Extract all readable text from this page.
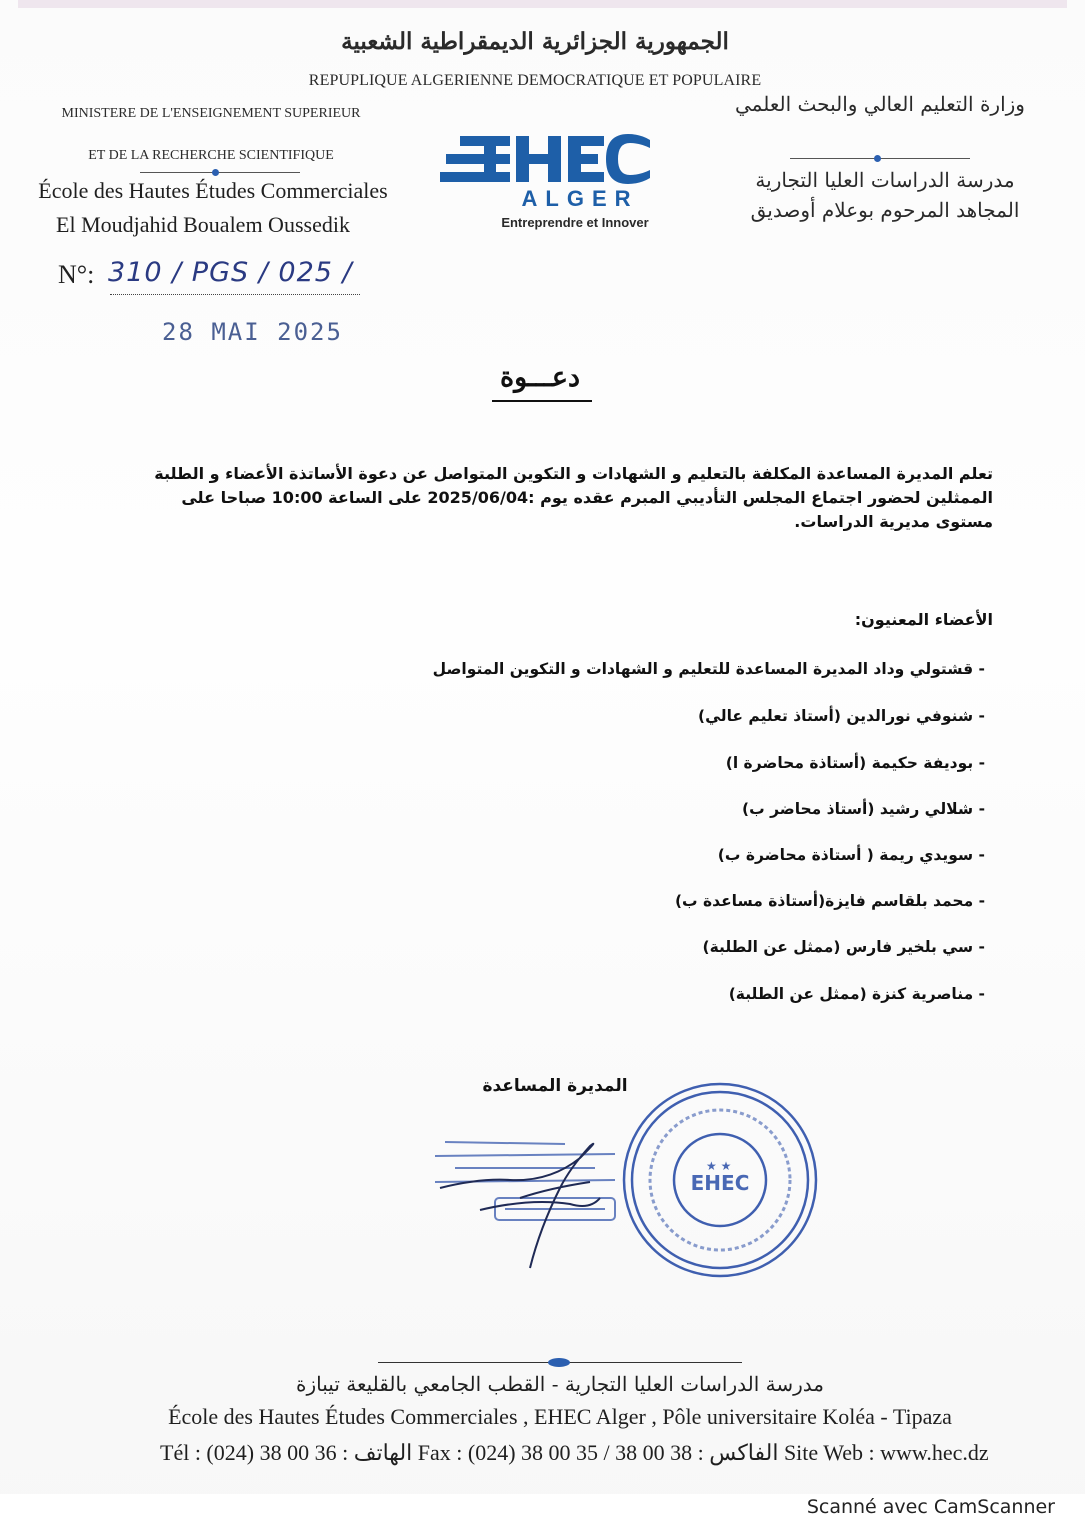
الجمهورية الجزائرية الديمقراطية الشعبية
REPUPLIQUE ALGERIENNE DEMOCRATIQUE ET POPULAIRE
MINISTERE DE L'ENSEIGNEMENT SUPERIEUR
ET DE LA RECHERCHE SCIENTIFIQUE
École des Hautes Études Commerciales
El Moudjahid Boualem Oussedik
وزارة التعليم العالي والبحث العلمي
مدرسة الدراسات العليا التجارية
المجاهد المرحوم بوعلام أوصديق
ALGER
Entreprendre et Innover
N°: 310 / PGS / 025 /
28 MAI 2025
دعـــوة
تعلم المديرة المساعدة المكلفة بالتعليم و الشهادات و التكوين المتواصل عن دعوة الأساتذة الأعضاء و الطلبة الممثلين لحضور اجتماع المجلس التأديبي المبرم عقده يوم :2025/06/04 على الساعة 10:00 صباحا على مستوى مديرية الدراسات.
الأعضاء المعنيون:
- قشتولي وداد المديرة المساعدة للتعليم و الشهادات و التكوين المتواصل
- شنوفي نورالدين (أستاذ تعليم عالي)
- بوديفة حكيمة (أستاذة محاضرة ا)
- شلالي رشيد (أستاذ محاضر ب)
- سويدي ريمة ( أستاذة محاضرة ب)
- محمد بلقاسم فايزة(أستاذة مساعدة ب)
- سي بلخير فارس (ممثل عن الطلبة)
- مناصرية كنزة (ممثل عن الطلبة)
المديرة المساعدة
EHEC
★ ★
مدرسة الدراسات العليا التجارية - القطب الجامعي بالقليعة تيبازة
École des Hautes Études Commerciales , EHEC Alger , Pôle universitaire Koléa - Tipaza
Tél : (024) 38 00 36 : الهاتف Fax : (024) 38 00 35 / 38 00 38 : الفاكس Site Web : www.hec.dz
Scanné avec CamScanner
